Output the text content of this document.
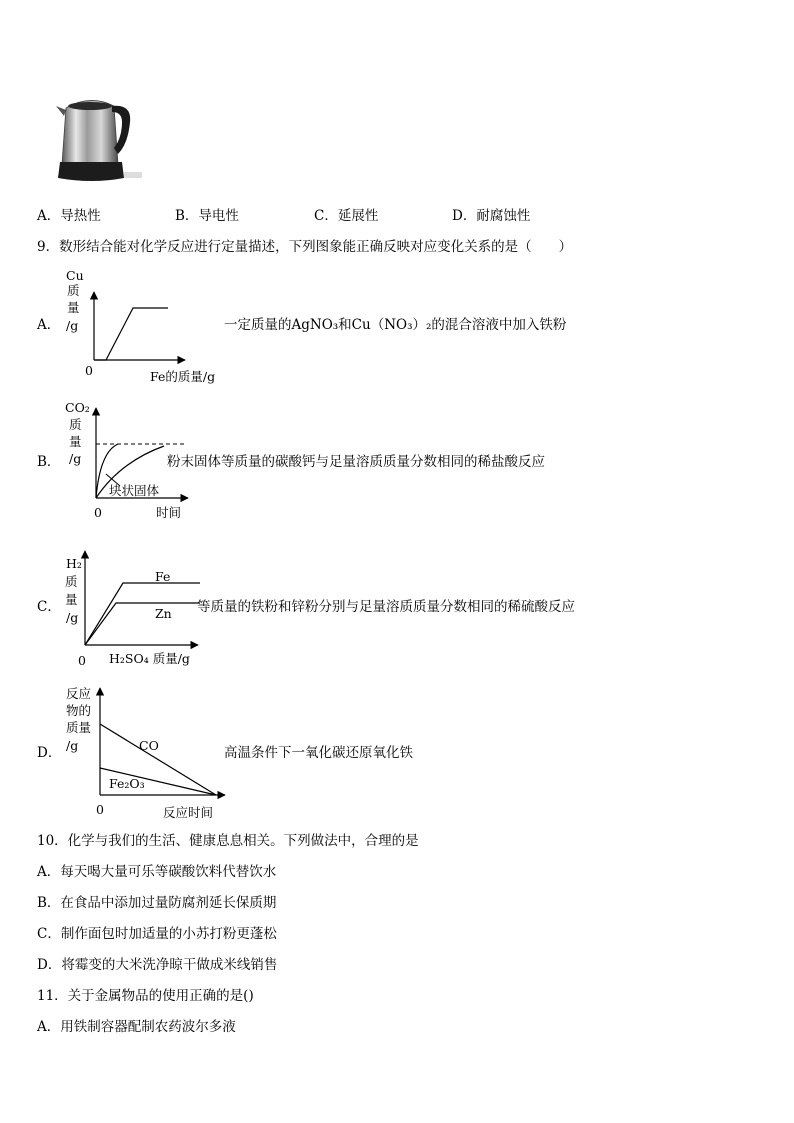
A．导热性	B．导电性	C．延展性	D．耐腐蚀性
9．数形结合能对化学反应进行定量描述，下列图象能正确反映对应变化关系的是（　　）
A．
Cu
质
量
/g
0	Fe的质量/g
一定质量的AgNO₃和Cu（NO₃）₂的混合溶液中加入铁粉
B．
CO₂
质
量
/g
0	时间
块状固体
粉末固体等质量的碳酸钙与足量溶质质量分数相同的稀盐酸反应
C．
H₂
质
量
/g
0 H₂SO₄ 质量/g
Fe
Zn 等质量的铁粉和锌粉分别与足量溶质质量分数相同的稀硫酸反应
D．
反应
物的
质量
/g
0	反应时间
CO
Fe₂O₃
高温条件下一氧化碳还原氧化铁
10．化学与我们的生活、健康息息相关。下列做法中，合理的是
A．每天喝大量可乐等碳酸饮料代替饮水
B．在食品中添加过量防腐剂延长保质期
C．制作面包时加适量的小苏打粉更蓬松
D．将霉变的大米洗净晾干做成米线销售
11．关于金属物品的使用正确的是()
A．用铁制容器配制农药波尔多液
